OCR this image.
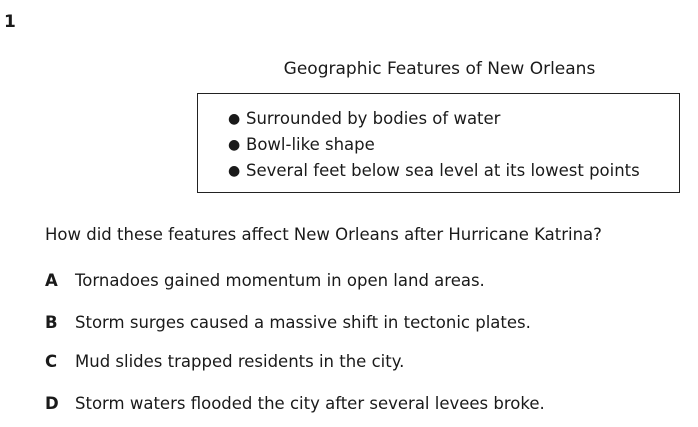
1
Geographic Features of New Orleans
● Surrounded by bodies of water
● Bowl-like shape
● Several feet below sea level at its lowest points
How did these features affect New Orleans after Hurricane Katrina?
A	Tornadoes gained momentum in open land areas.
B	Storm surges caused a massive shift in tectonic plates.
C	Mud slides trapped residents in the city.
D Storm waters flooded the city after several levees broke.
